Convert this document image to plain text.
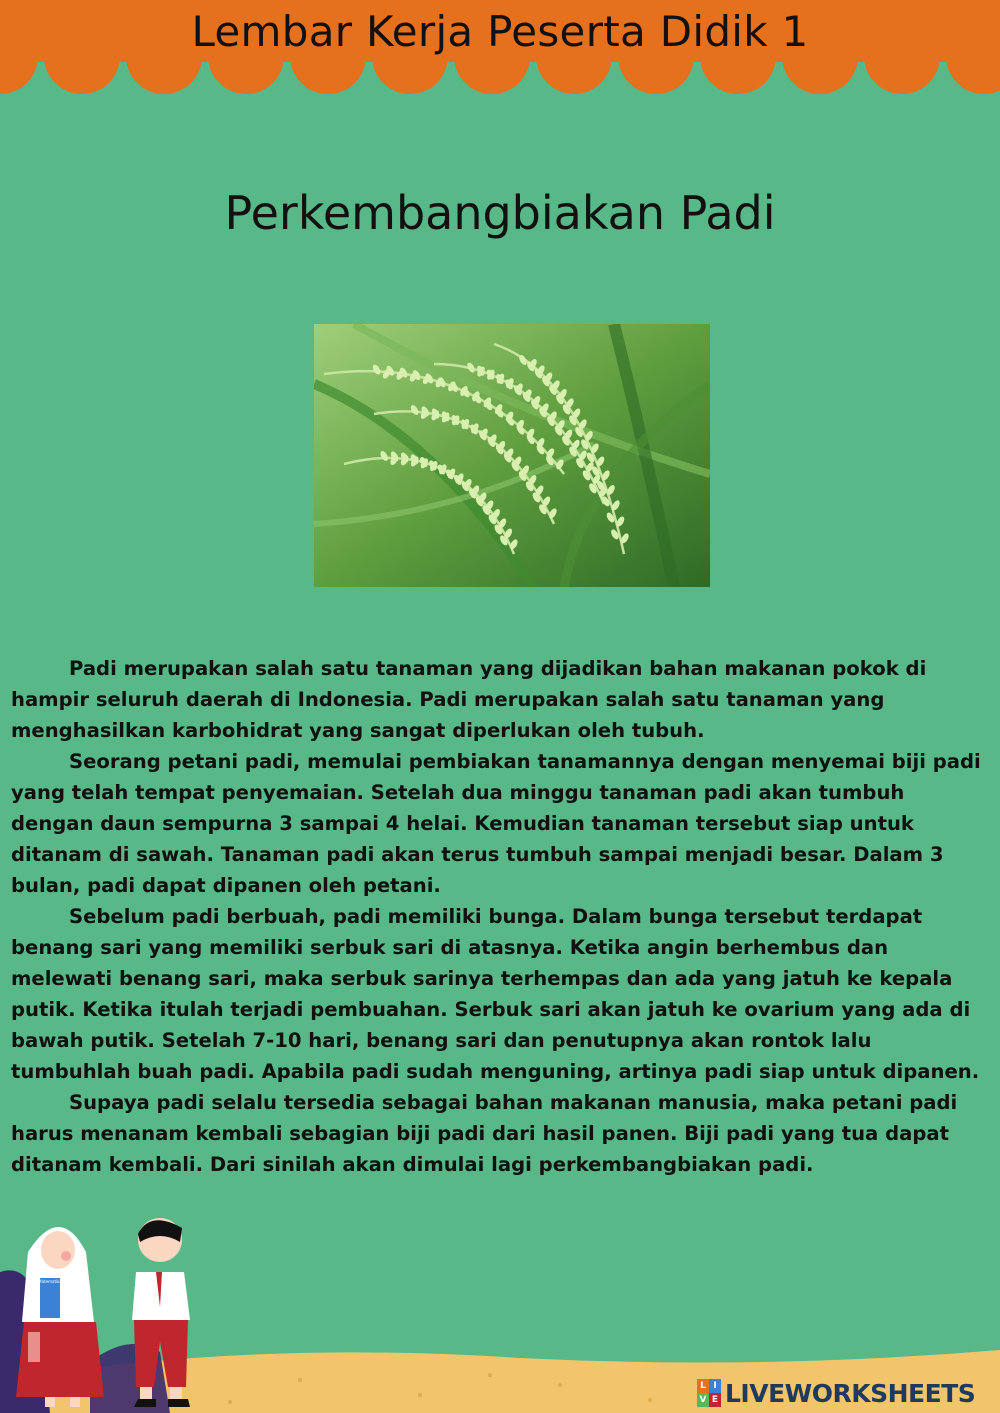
Lembar Kerja Peserta Didik 1
Perkembangbiakan Padi

Padi merupakan salah satu tanaman yang dijadikan bahan makanan pokok di hampir seluruh daerah di Indonesia. Padi merupakan salah satu tanaman yang menghasilkan karbohidrat yang sangat diperlukan oleh tubuh.

Seorang petani padi, memulai pembiakan tanamannya dengan menyemai biji padi yang telah tempat penyemaian. Setelah dua minggu tanaman padi akan tumbuh dengan daun sempurna 3 sampai 4 helai. Kemudian tanaman tersebut siap untuk ditanam di sawah. Tanaman padi akan terus tumbuh sampai menjadi besar. Dalam 3 bulan, padi dapat dipanen oleh petani.

Sebelum padi berbuah, padi memiliki bunga. Dalam bunga tersebut terdapat benang sari yang memiliki serbuk sari di atasnya. Ketika angin berhembus dan melewati benang sari, maka serbuk sarinya terhempas dan ada yang jatuh ke kepala putik. Ketika itulah terjadi pembuahan. Serbuk sari akan jatuh ke ovarium yang ada di bawah putik. Setelah 7-10 hari, benang sari dan penutupnya akan rontok lalu tumbuhlah buah padi. Apabila padi sudah menguning, artinya padi siap untuk dipanen.

Supaya padi selalu tersedia sebagai bahan makanan manusia, maka petani padi harus menanam kembali sebagian biji padi dari hasil panen. Biji padi yang tua dapat ditanam kembali. Dari sinilah akan dimulai lagi perkembangbiakan padi.

Matematika
L I
V E LIVEWORKSHEETS
